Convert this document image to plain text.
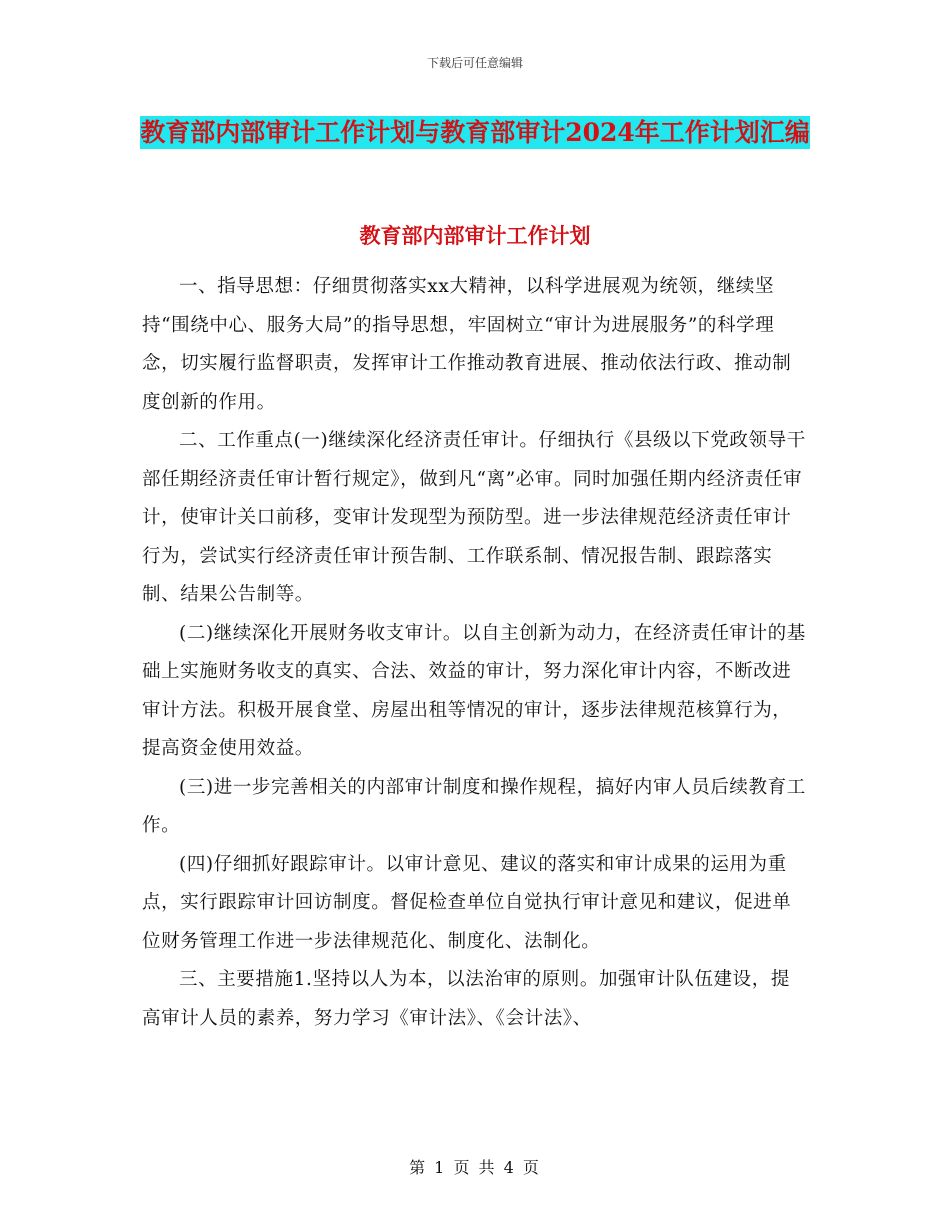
下载后可任意编辑
教育部内部审计工作计划与教育部审计2024年工作计划汇编
教育部内部审计工作计划

一、指导思想：仔细贯彻落实xx大精神，以科学进展观为统领，继续坚持“围绕中心、服务大局”的指导思想，牢固树立“审计为进展服务”的科学理念，切实履行监督职责，发挥审计工作推动教育进展、推动依法行政、推动制度创新的作用。

二、工作重点(一)继续深化经济责任审计。仔细执行《县级以下党政领导干部任期经济责任审计暂行规定》，做到凡“离”必审。同时加强任期内经济责任审计，使审计关口前移，变审计发现型为预防型。进一步法律规范经济责任审计行为，尝试实行经济责任审计预告制、工作联系制、情况报告制、跟踪落实制、结果公告制等。

(二)继续深化开展财务收支审计。以自主创新为动力，在经济责任审计的基础上实施财务收支的真实、合法、效益的审计，努力深化审计内容，不断改进审计方法。积极开展食堂、房屋出租等情况的审计，逐步法律规范核算行为，提高资金使用效益。

(三)进一步完善相关的内部审计制度和操作规程，搞好内审人员后续教育工作。

(四)仔细抓好跟踪审计。以审计意见、建议的落实和审计成果的运用为重点，实行跟踪审计回访制度。督促检查单位自觉执行审计意见和建议，促进单位财务管理工作进一步法律规范化、制度化、法制化。

三、主要措施1.坚持以人为本，以法治审的原则。加强审计队伍建设，提高审计人员的素养，努力学习《审计法》、《会计法》、

第 1 页 共 4 页
